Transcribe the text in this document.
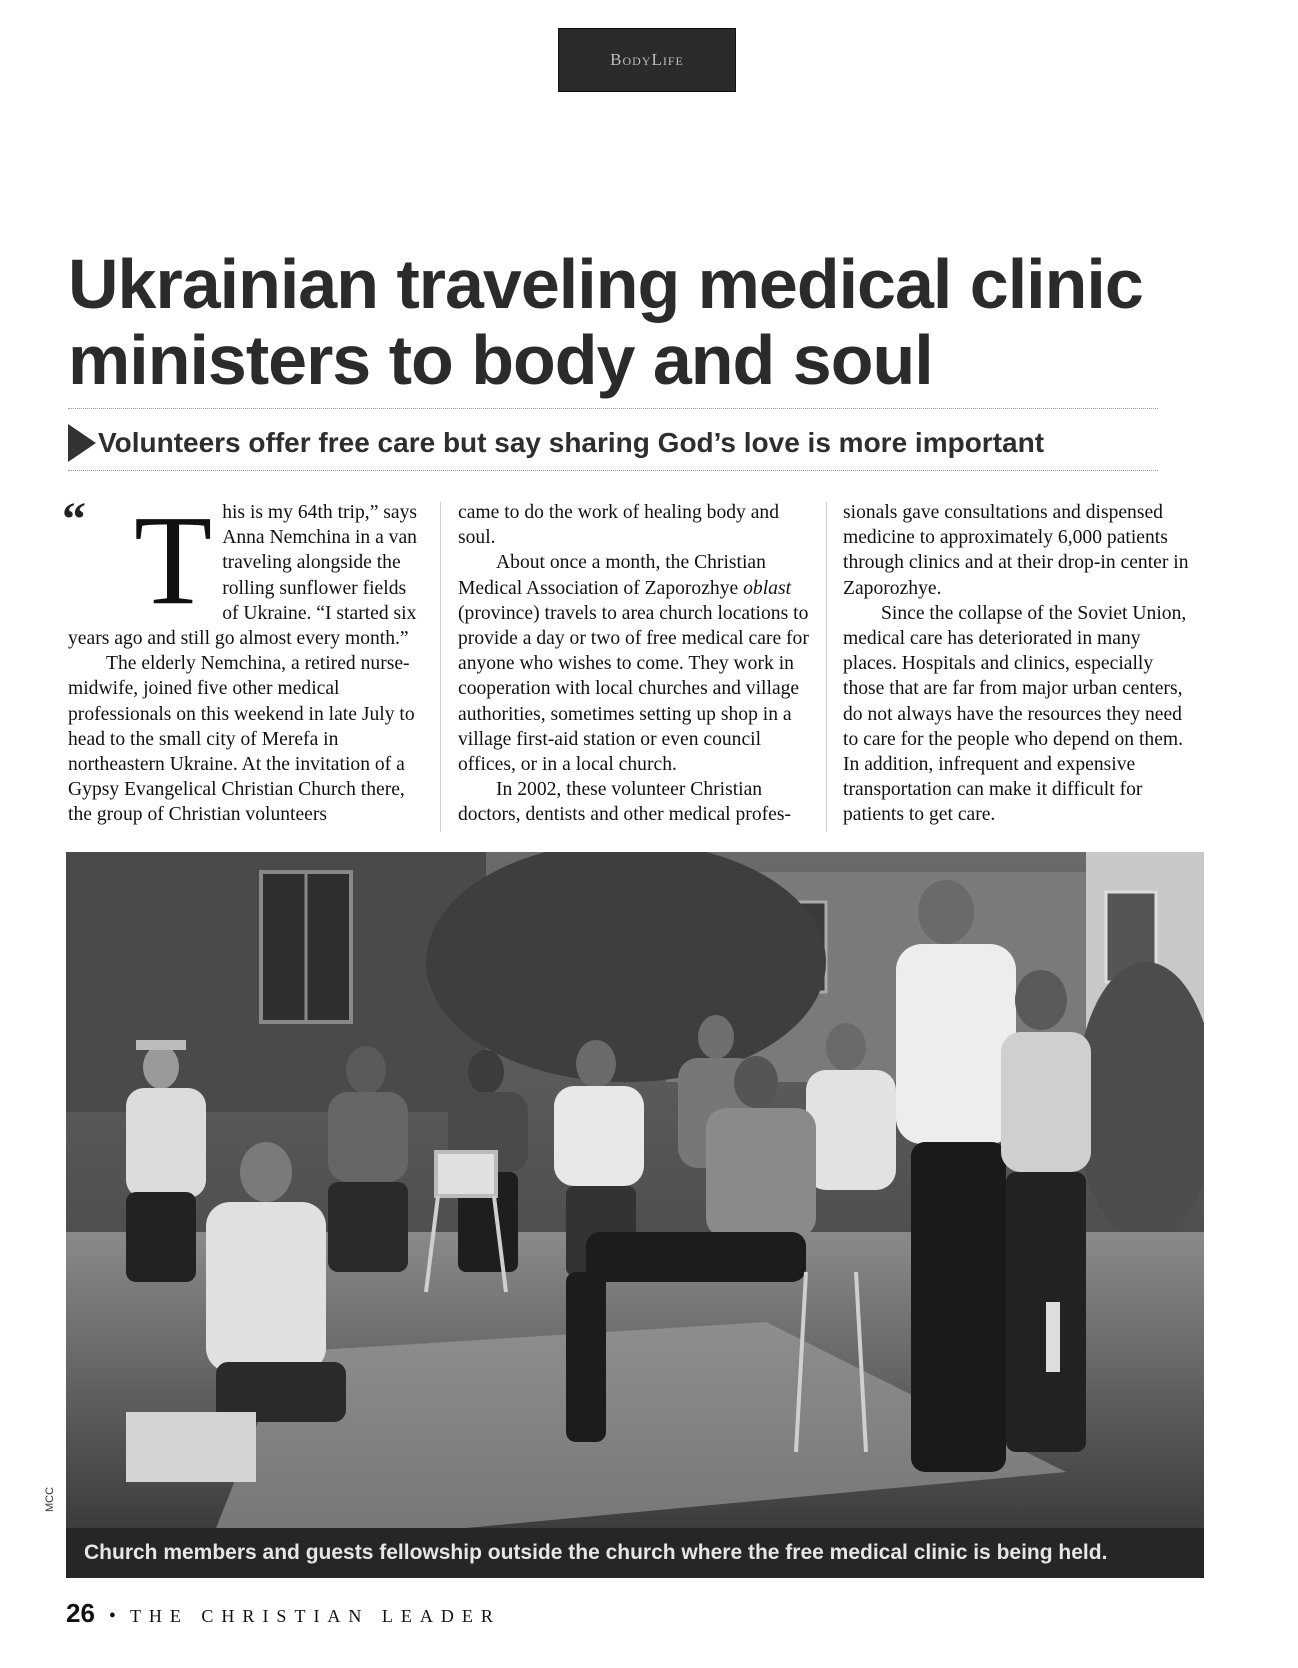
BodyLife
Ukrainian traveling medical clinic ministers to body and soul
Volunteers offer free care but say sharing God’s love is more important
“ T his is my 64th trip,” says Anna Nemchina in a van traveling alongside the rolling sunflower fields of Ukraine. “I started six years ago and still go almost every month.”

The elderly Nemchina, a retired nurse-midwife, joined five other medical professionals on this weekend in late July to head to the small city of Merefa in northeastern Ukraine. At the invitation of a Gypsy Evangelical Christian Church there, the group of Christian volunteers

came to do the work of healing body and soul.

About once a month, the Christian Medical Association of Zaporozhye oblast (province) travels to area church locations to provide a day or two of free medical care for anyone who wishes to come. They work in cooperation with local churches and village authorities, sometimes setting up shop in a village first-aid station or even council offices, or in a local church.

In 2002, these volunteer Christian doctors, dentists and other medical profes-

sionals gave consultations and dispensed medicine to approximately 6,000 patients through clinics and at their drop-in center in Zaporozhye.

Since the collapse of the Soviet Union, medical care has deteriorated in many places. Hospitals and clinics, especially those that are far from major urban centers, do not always have the resources they need to care for the people who depend on them. In addition, infrequent and expensive transportation can make it difficult for patients to get care.

MCC
Church members and guests fellowship outside the church where the free medical clinic is being held.
26 • THE CHRISTIAN LEADER
